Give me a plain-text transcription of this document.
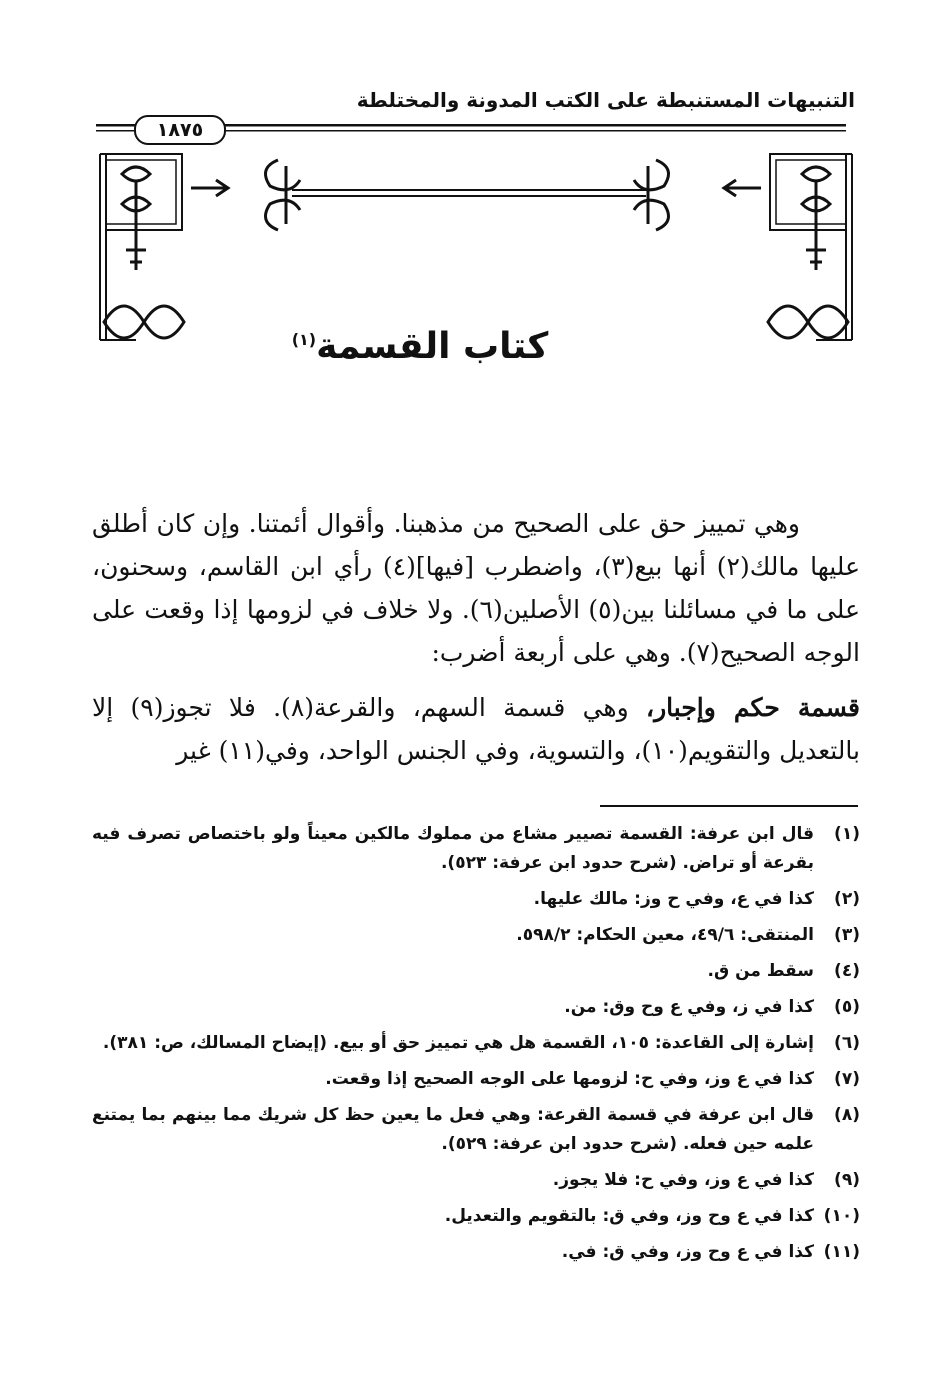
التنبيهات المستنبطة على الكتب المدونة والمختلطة
١٨٧٥
كتاب القسمة$^{(١)}$

وهي تمييز حق على الصحيح من مذهبنا. وأقوال أئمتنا. وإن كان أطلق عليها مالك(٢) أنها بيع(٣)، واضطرب [فيها](٤) رأي ابن القاسم، وسحنون، على ما في مسائلنا بين(٥) الأصلين(٦). ولا خلاف في لزومها إذا وقعت على الوجه الصحيح(٧). وهي على أربعة أضرب:

قسمة حكم وإجبار، وهي قسمة السهم، والقرعة(٨). فلا تجوز(٩) إلا بالتعديل والتقويم(١٠)، والتسوية، وفي الجنس الواحد، وفي(١١) غير

(١)
قال ابن عرفة: القسمة تصيير مشاع من مملوك مالكين معيناً ولو باختصاص تصرف فيه بقرعة أو تراض. (شرح حدود ابن عرفة: ٥٢٣).
(٢)
كذا في ع، وفي ح وز: مالك عليها.
(٣)
المنتقى: ٤٩/٦، معين الحكام: ٥٩٨/٢.
(٤)
سقط من ق.
(٥)
كذا في ز، وفي ع وح وق: من.
(٦)
إشارة إلى القاعدة: ١٠٥، القسمة هل هي تمييز حق أو بيع. (إيضاح المسالك، ص: ٣٨١).
(٧)
كذا في ع وز، وفي ح: لزومها على الوجه الصحيح إذا وقعت.
(٨)
قال ابن عرفة في قسمة القرعة: وهي فعل ما يعين حظ كل شريك مما بينهم بما يمتنع علمه حين فعله. (شرح حدود ابن عرفة: ٥٢٩).
(٩)
كذا في ع وز، وفي ح: فلا يجوز.
(١٠)
كذا في ع وح وز، وفي ق: بالتقويم والتعديل.
(١١)
كذا في ع وح وز، وفي ق: في.
